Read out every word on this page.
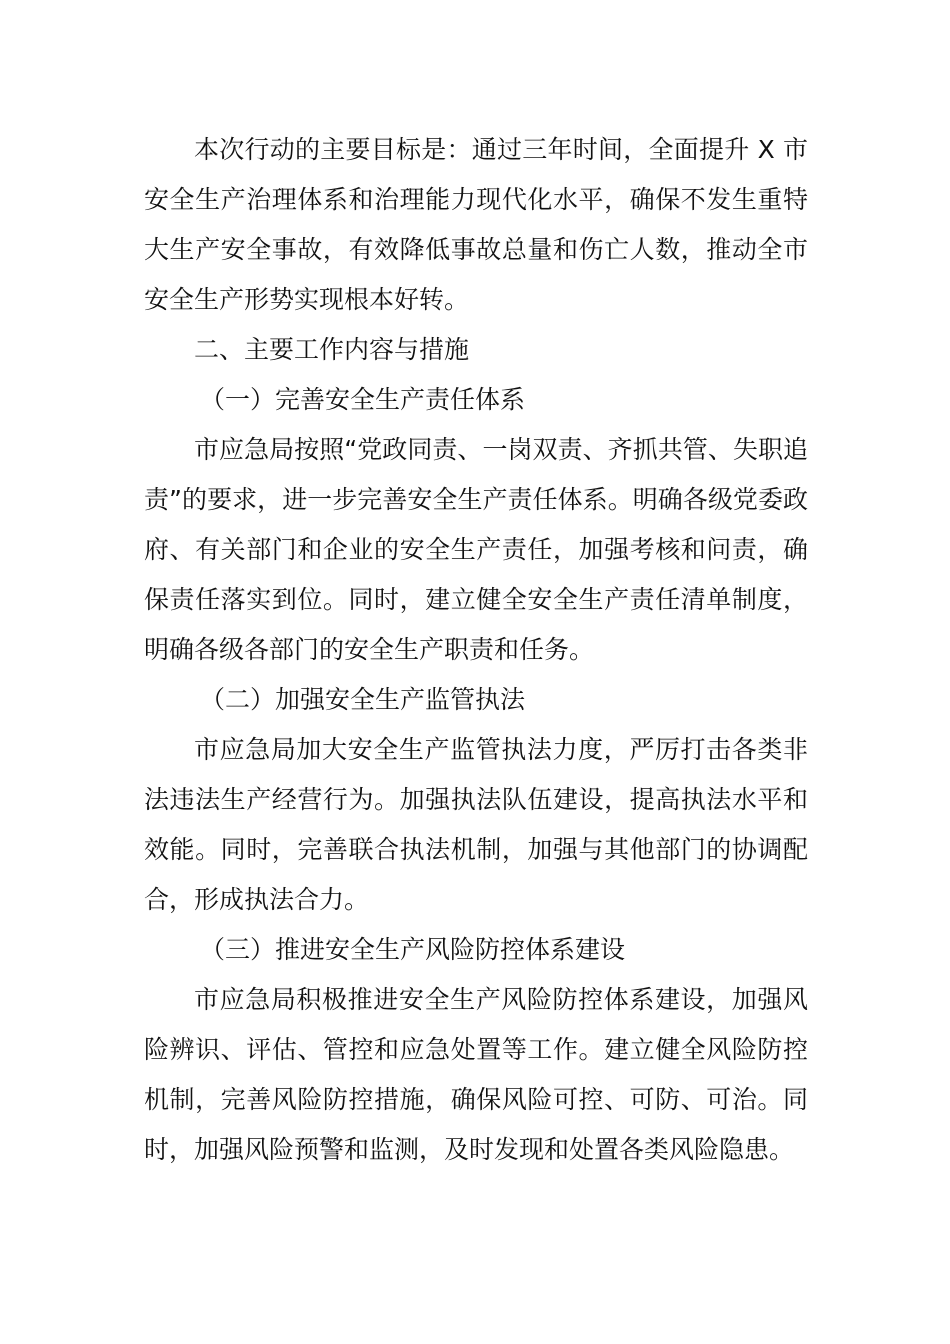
本次行动的主要目标是：通过三年时间，全面提升 X 市安全生产治理体系和治理能力现代化水平，确保不发生重特大生产安全事故，有效降低事故总量和伤亡人数，推动全市安全生产形势实现根本好转。

二、主要工作内容与措施

（一）完善安全生产责任体系

市应急局按照“党政同责、一岗双责、齐抓共管、失职追责”的要求，进一步完善安全生产责任体系。明确各级党委政府、有关部门和企业的安全生产责任，加强考核和问责，确保责任落实到位。同时，建立健全安全生产责任清单制度，明确各级各部门的安全生产职责和任务。

（二）加强安全生产监管执法

市应急局加大安全生产监管执法力度，严厉打击各类非法违法生产经营行为。加强执法队伍建设，提高执法水平和效能。同时，完善联合执法机制，加强与其他部门的协调配合，形成执法合力。

（三）推进安全生产风险防控体系建设

市应急局积极推进安全生产风险防控体系建设，加强风险辨识、评估、管控和应急处置等工作。建立健全风险防控机制，完善风险防控措施，确保风险可控、可防、可治。同时，加强风险预警和监测，及时发现和处置各类风险隐患。
